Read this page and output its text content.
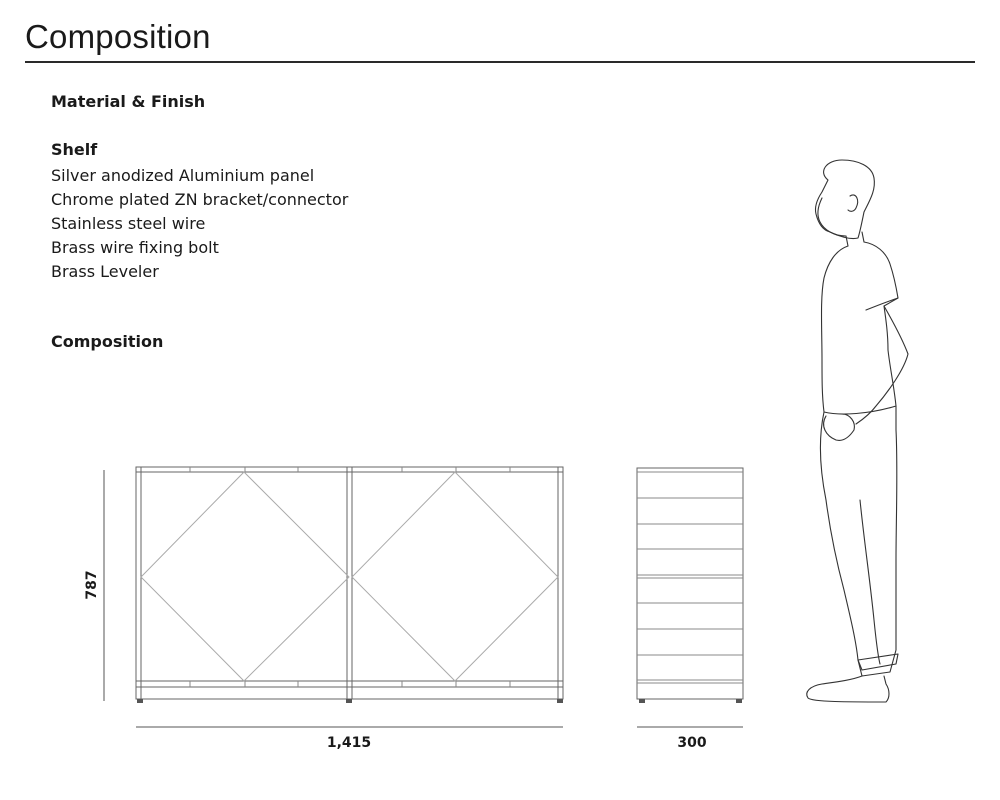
Composition
Material & Finish
Shelf
Silver anodized Aluminium panel
Chrome plated ZN bracket/connector
Stainless steel wire
Brass wire fixing bolt
Brass Leveler
Composition
787
1,415	300
